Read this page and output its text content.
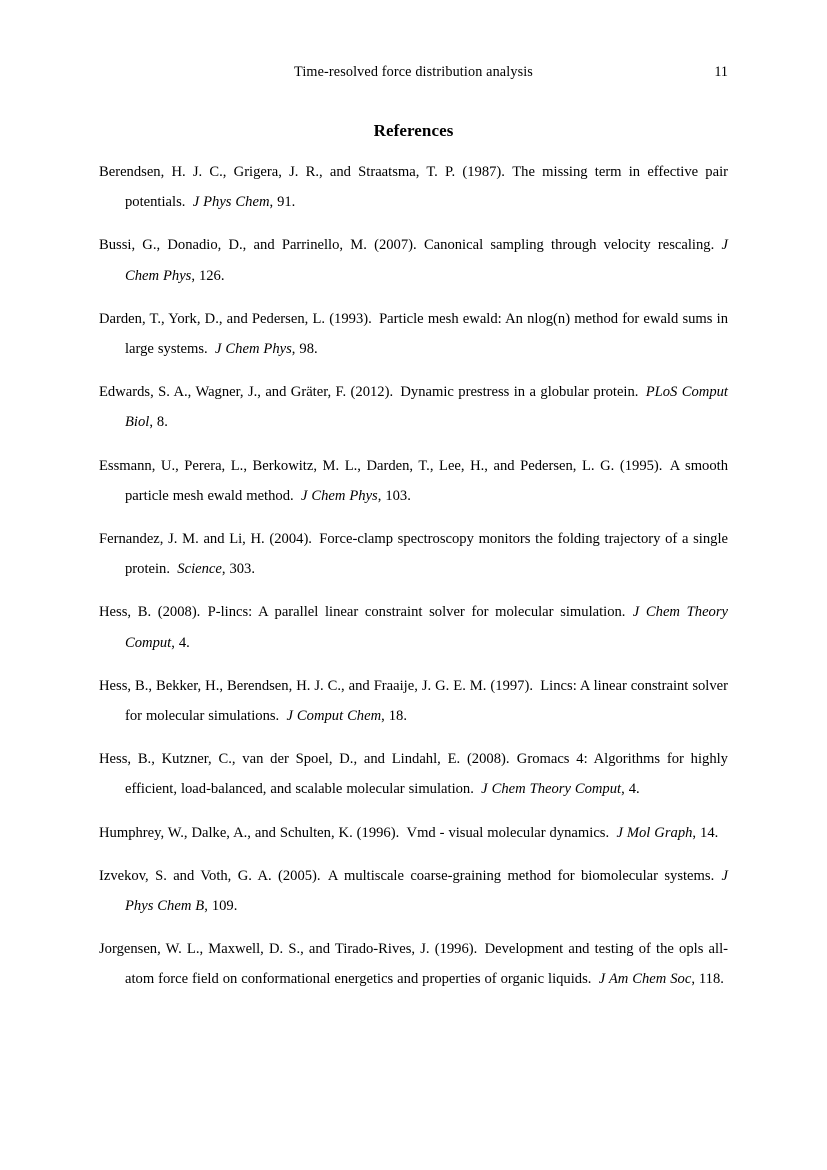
Time-resolved force distribution analysis	11
References

Berendsen, H. J. C., Grigera, J. R., and Straatsma, T. P. (1987).  The missing term in effective pair potentials.  J Phys Chem, 91.

Bussi, G., Donadio, D., and Parrinello, M. (2007).  Canonical sampling through velocity rescaling.  J Chem Phys, 126.

Darden, T., York, D., and Pedersen, L. (1993).  Particle mesh ewald: An nlog(n) method for ewald sums in large systems.  J Chem Phys, 98.

Edwards, S. A., Wagner, J., and Gräter, F. (2012).  Dynamic prestress in a globular protein.  PLoS Comput Biol, 8.

Essmann, U., Perera, L., Berkowitz, M. L., Darden, T., Lee, H., and Pedersen, L. G. (1995).  A smooth particle mesh ewald method.  J Chem Phys, 103.

Fernandez, J. M. and Li, H. (2004).  Force-clamp spectroscopy monitors the folding trajectory of a single protein.  Science, 303.

Hess, B. (2008).  P-lincs: A parallel linear constraint solver for molecular simulation.  J Chem Theory Comput, 4.

Hess, B., Bekker, H., Berendsen, H. J. C., and Fraaije, J. G. E. M. (1997).  Lincs: A linear constraint solver for molecular simulations.  J Comput Chem, 18.

Hess, B., Kutzner, C., van der Spoel, D., and Lindahl, E. (2008).  Gromacs 4: Algorithms for highly efficient, load-balanced, and scalable molecular simulation.  J Chem Theory Comput, 4.

Humphrey, W., Dalke, A., and Schulten, K. (1996).  Vmd - visual molecular dynamics.  J Mol Graph, 14.

Izvekov, S. and Voth, G. A. (2005).  A multiscale coarse-graining method for biomolecular systems.  J Phys Chem B, 109.

Jorgensen, W. L., Maxwell, D. S., and Tirado-Rives, J. (1996).  Development and testing of the opls all-atom force field on conformational energetics and properties of organic liquids.  J Am Chem Soc, 118.
